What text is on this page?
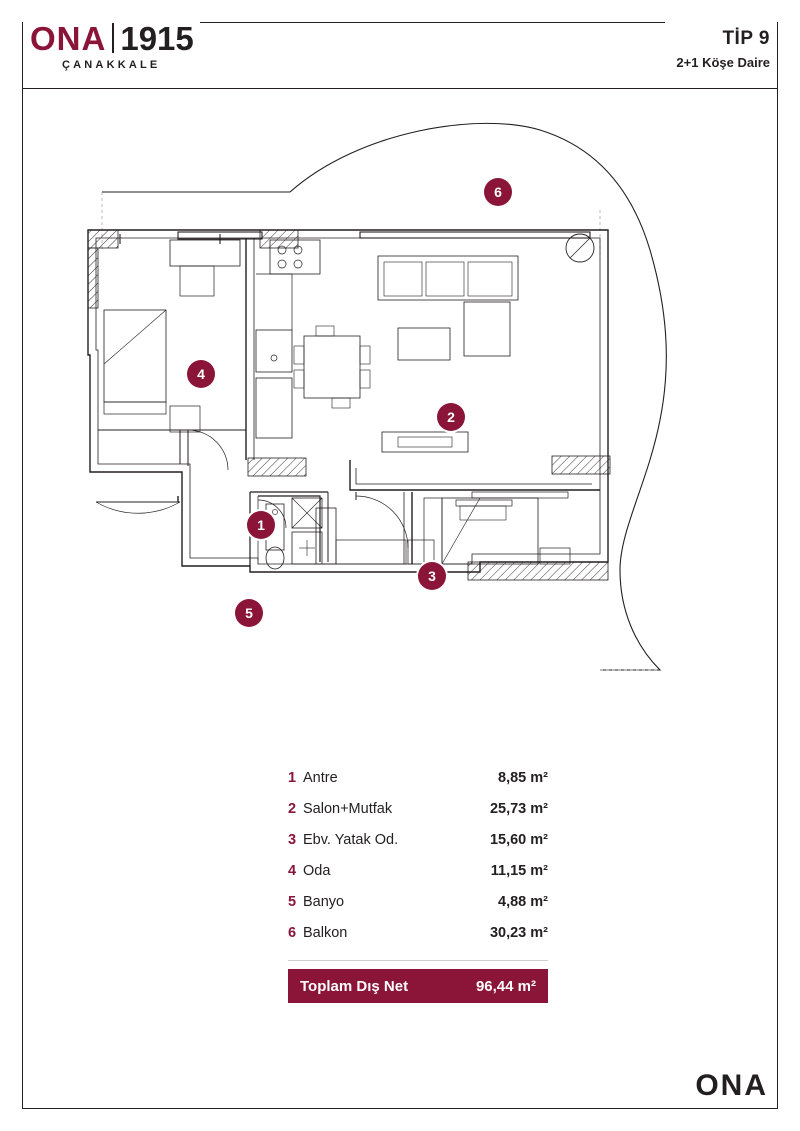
ONA 1915
ÇANAKKALE
TİP 9
2+1 Köşe Daire
6
4
2
1
3
5
1 Antre	8,85 m²
2 Salon+Mutfak	25,73 m²
3 Ebv. Yatak Od.	15,60 m²
4 Oda	11,15 m²
5 Banyo	4,88 m²
6 Balkon	30,23 m²
Toplam Dış Net	96,44 m²
ONA
